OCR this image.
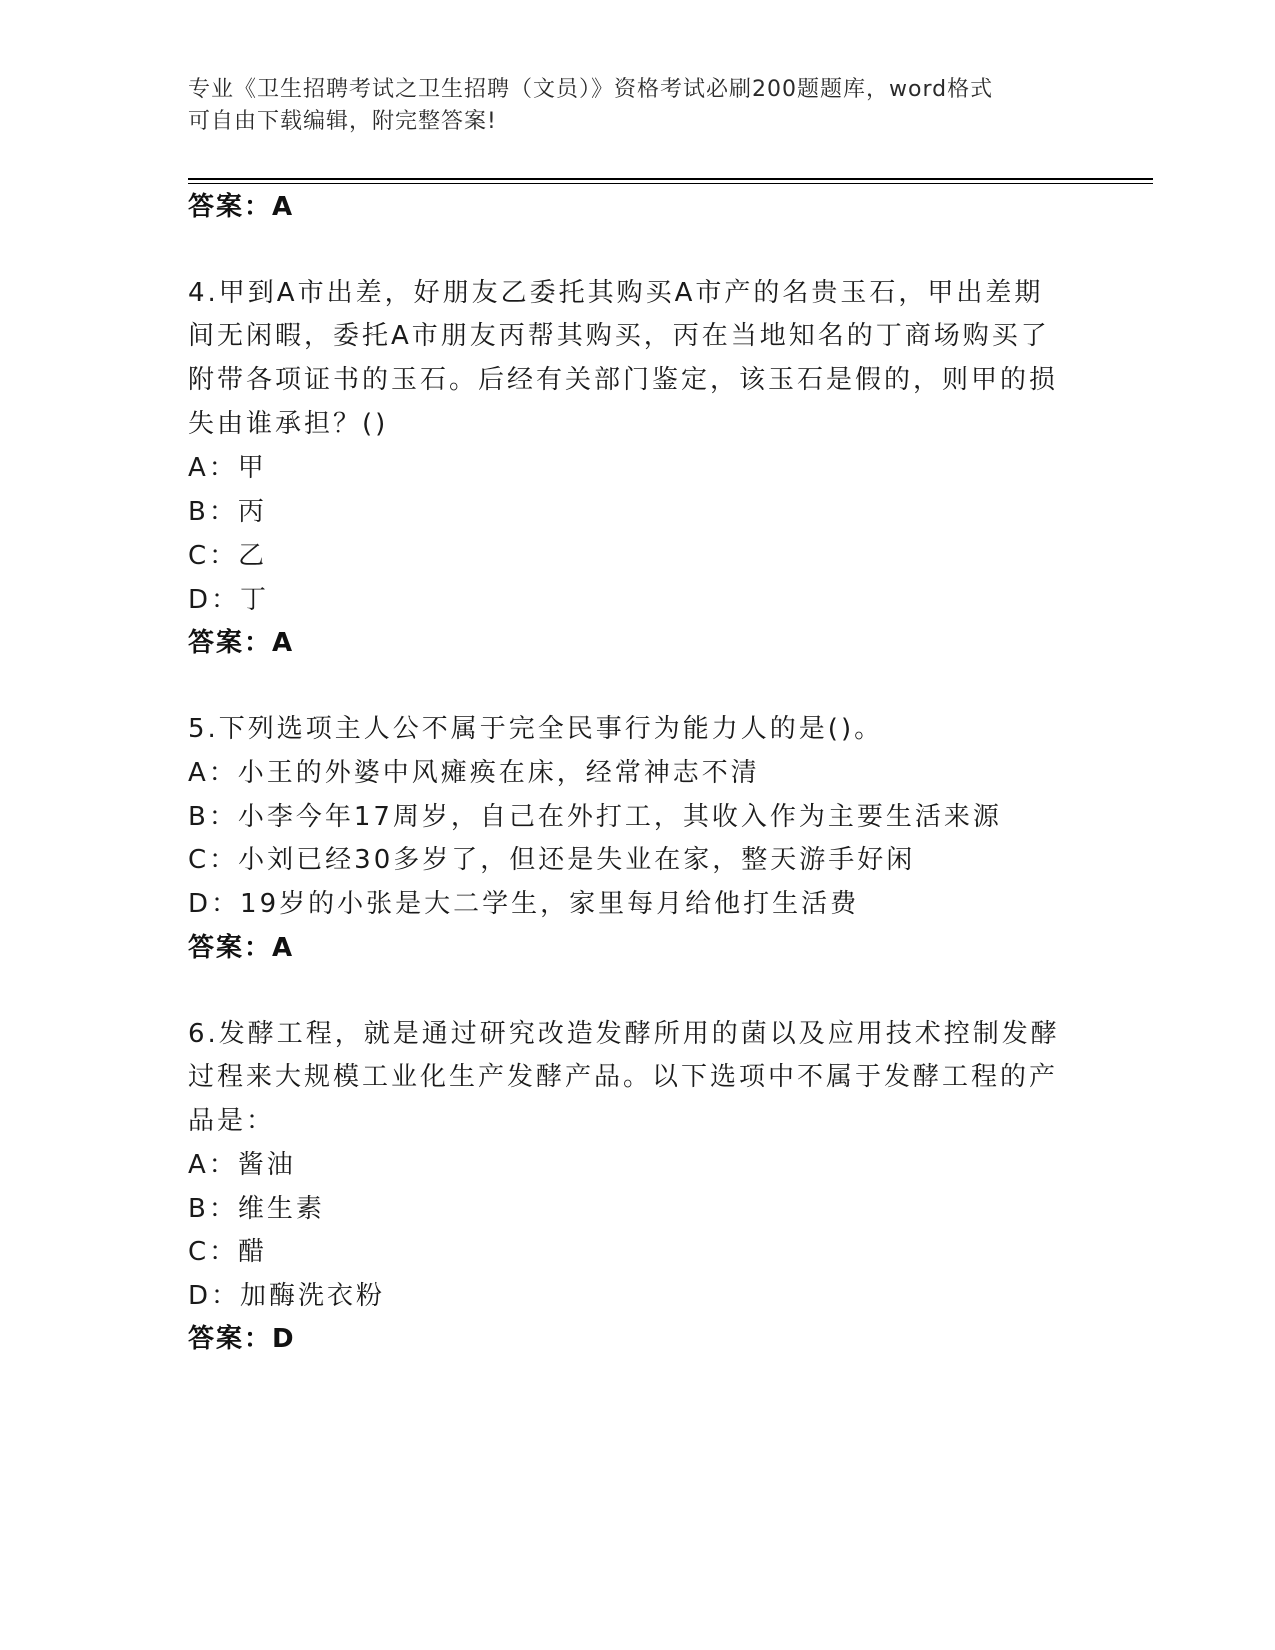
专业《卫生招聘考试之卫生招聘（文员）》资格考试必刷200题题库，word格式
可自由下载编辑，附完整答案!
答案：A
4.甲到A市出差，好朋友乙委托其购买A市产的名贵玉石，甲出差期
间无闲暇，委托A市朋友丙帮其购买，丙在当地知名的丁商场购买了
附带各项证书的玉石。后经有关部门鉴定，该玉石是假的，则甲的损
失由谁承担？()
A：甲
B：丙
C：乙
D：丁
答案：A
5.下列选项主人公不属于完全民事行为能力人的是()。
A：小王的外婆中风瘫痪在床，经常神志不清
B：小李今年17周岁，自己在外打工，其收入作为主要生活来源
C：小刘已经30多岁了，但还是失业在家，整天游手好闲
D：19岁的小张是大二学生，家里每月给他打生活费
答案：A
6.发酵工程，就是通过研究改造发酵所用的菌以及应用技术控制发酵
过程来大规模工业化生产发酵产品。以下选项中不属于发酵工程的产
品是：
A：酱油
B：维生素
C：醋
D：加酶洗衣粉
答案：D
